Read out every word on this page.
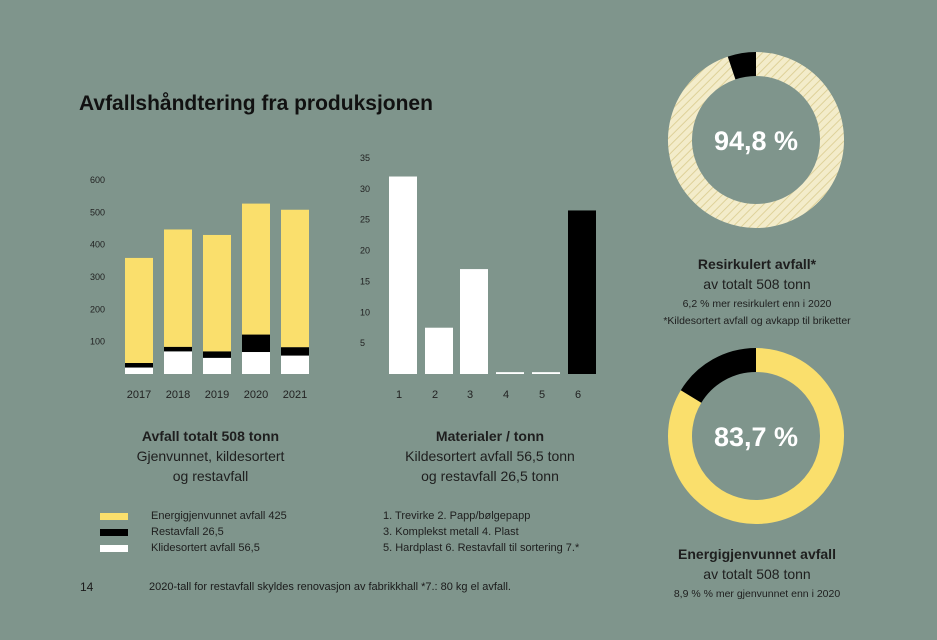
Avfallshåndtering fra produksjonen
100
200
300
400
500
600
2017 2018 2019 2020 2021
5
10
15
20
25
30
35
1	2	3	4	5	6
94,8 %
83,7 %
Avfall totalt 508 tonn
Gjenvunnet, kildesortert
og restavfall
Energigjenvunnet avfall 425
Restavfall 26,5
Klidesortert avfall 56,5
Materialer / tonn
Kildesortert avfall 56,5 tonn
og restavfall 26,5 tonn
1. Trevirke 2. Papp/bølgepapp
3. Komplekst metall 4. Plast
5. Hardplast 6. Restavfall til sortering 7.*
14	2020-tall for restavfall skyldes renovasjon av fabrikkhall *7.: 80 kg el avfall.
Resirkulert avfall*
av totalt 508 tonn
6,2 % mer resirkulert enn i 2020
*Kildesortert avfall og avkapp til briketter
Energigjenvunnet avfall
av totalt 508 tonn
8,9 % % mer gjenvunnet enn i 2020
